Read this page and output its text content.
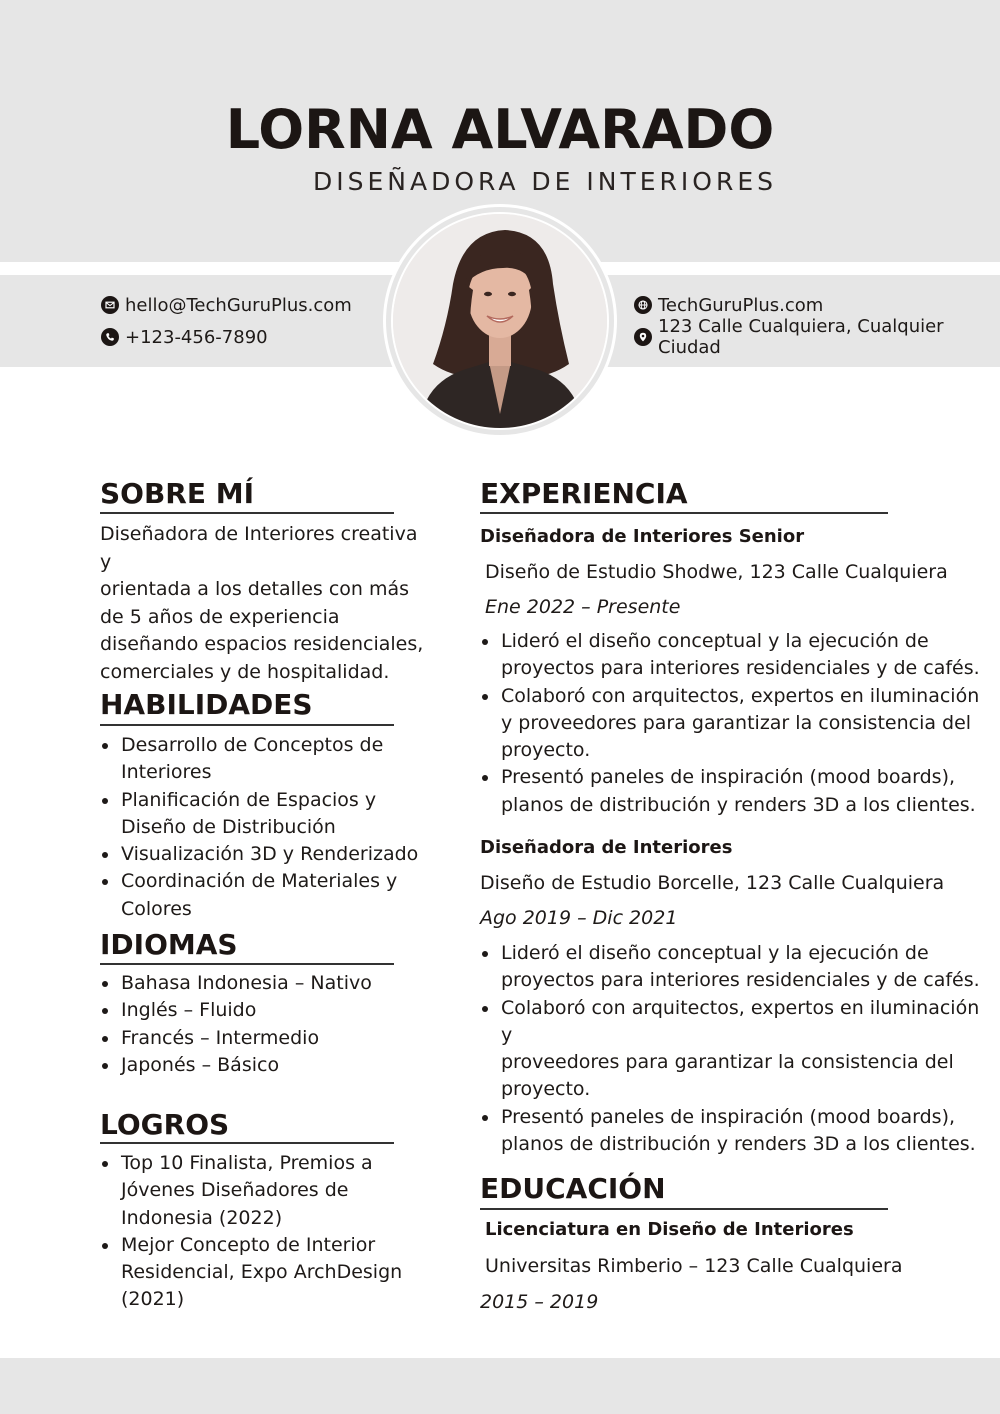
LORNA ALVARADO
DISEÑADORA DE INTERIORES
hello@TechGuruPlus.com
+123-456-7890
TechGuruPlus.com
123 Calle Cualquiera, Cualquier Ciudad
SOBRE MÍ
Diseñadora de Interiores creativa y
orientada a los detalles con más
de 5 años de experiencia
diseñando espacios residenciales,
comerciales y de hospitalidad.
HABILIDADES
Desarrollo de Conceptos de
Interiores
Planificación de Espacios y
Diseño de Distribución
Visualización 3D y Renderizado
Coordinación de Materiales y
Colores
IDIOMAS
Bahasa Indonesia – Nativo
Inglés – Fluido
Francés – Intermedio
Japonés – Básico
LOGROS
Top 10 Finalista, Premios a
Jóvenes Diseñadores de
Indonesia (2022)
Mejor Concepto de Interior
Residencial, Expo ArchDesign
(2021)
EXPERIENCIA
Diseñadora de Interiores Senior
Diseño de Estudio Shodwe, 123 Calle Cualquiera
Ene 2022 – Presente
Lideró el diseño conceptual y la ejecución de
proyectos para interiores residenciales y de cafés.
Colaboró con arquitectos, expertos en iluminación
y proveedores para garantizar la consistencia del
proyecto.
Presentó paneles de inspiración (mood boards),
planos de distribución y renders 3D a los clientes.
Diseñadora de Interiores
Diseño de Estudio Borcelle, 123 Calle Cualquiera
Ago 2019 – Dic 2021
Lideró el diseño conceptual y la ejecución de
proyectos para interiores residenciales y de cafés.
Colaboró con arquitectos, expertos en iluminación y
proveedores para garantizar la consistencia del
proyecto.
Presentó paneles de inspiración (mood boards),
planos de distribución y renders 3D a los clientes.
EDUCACIÓN
Licenciatura en Diseño de Interiores
Universitas Rimberio – 123 Calle Cualquiera
2015 – 2019
